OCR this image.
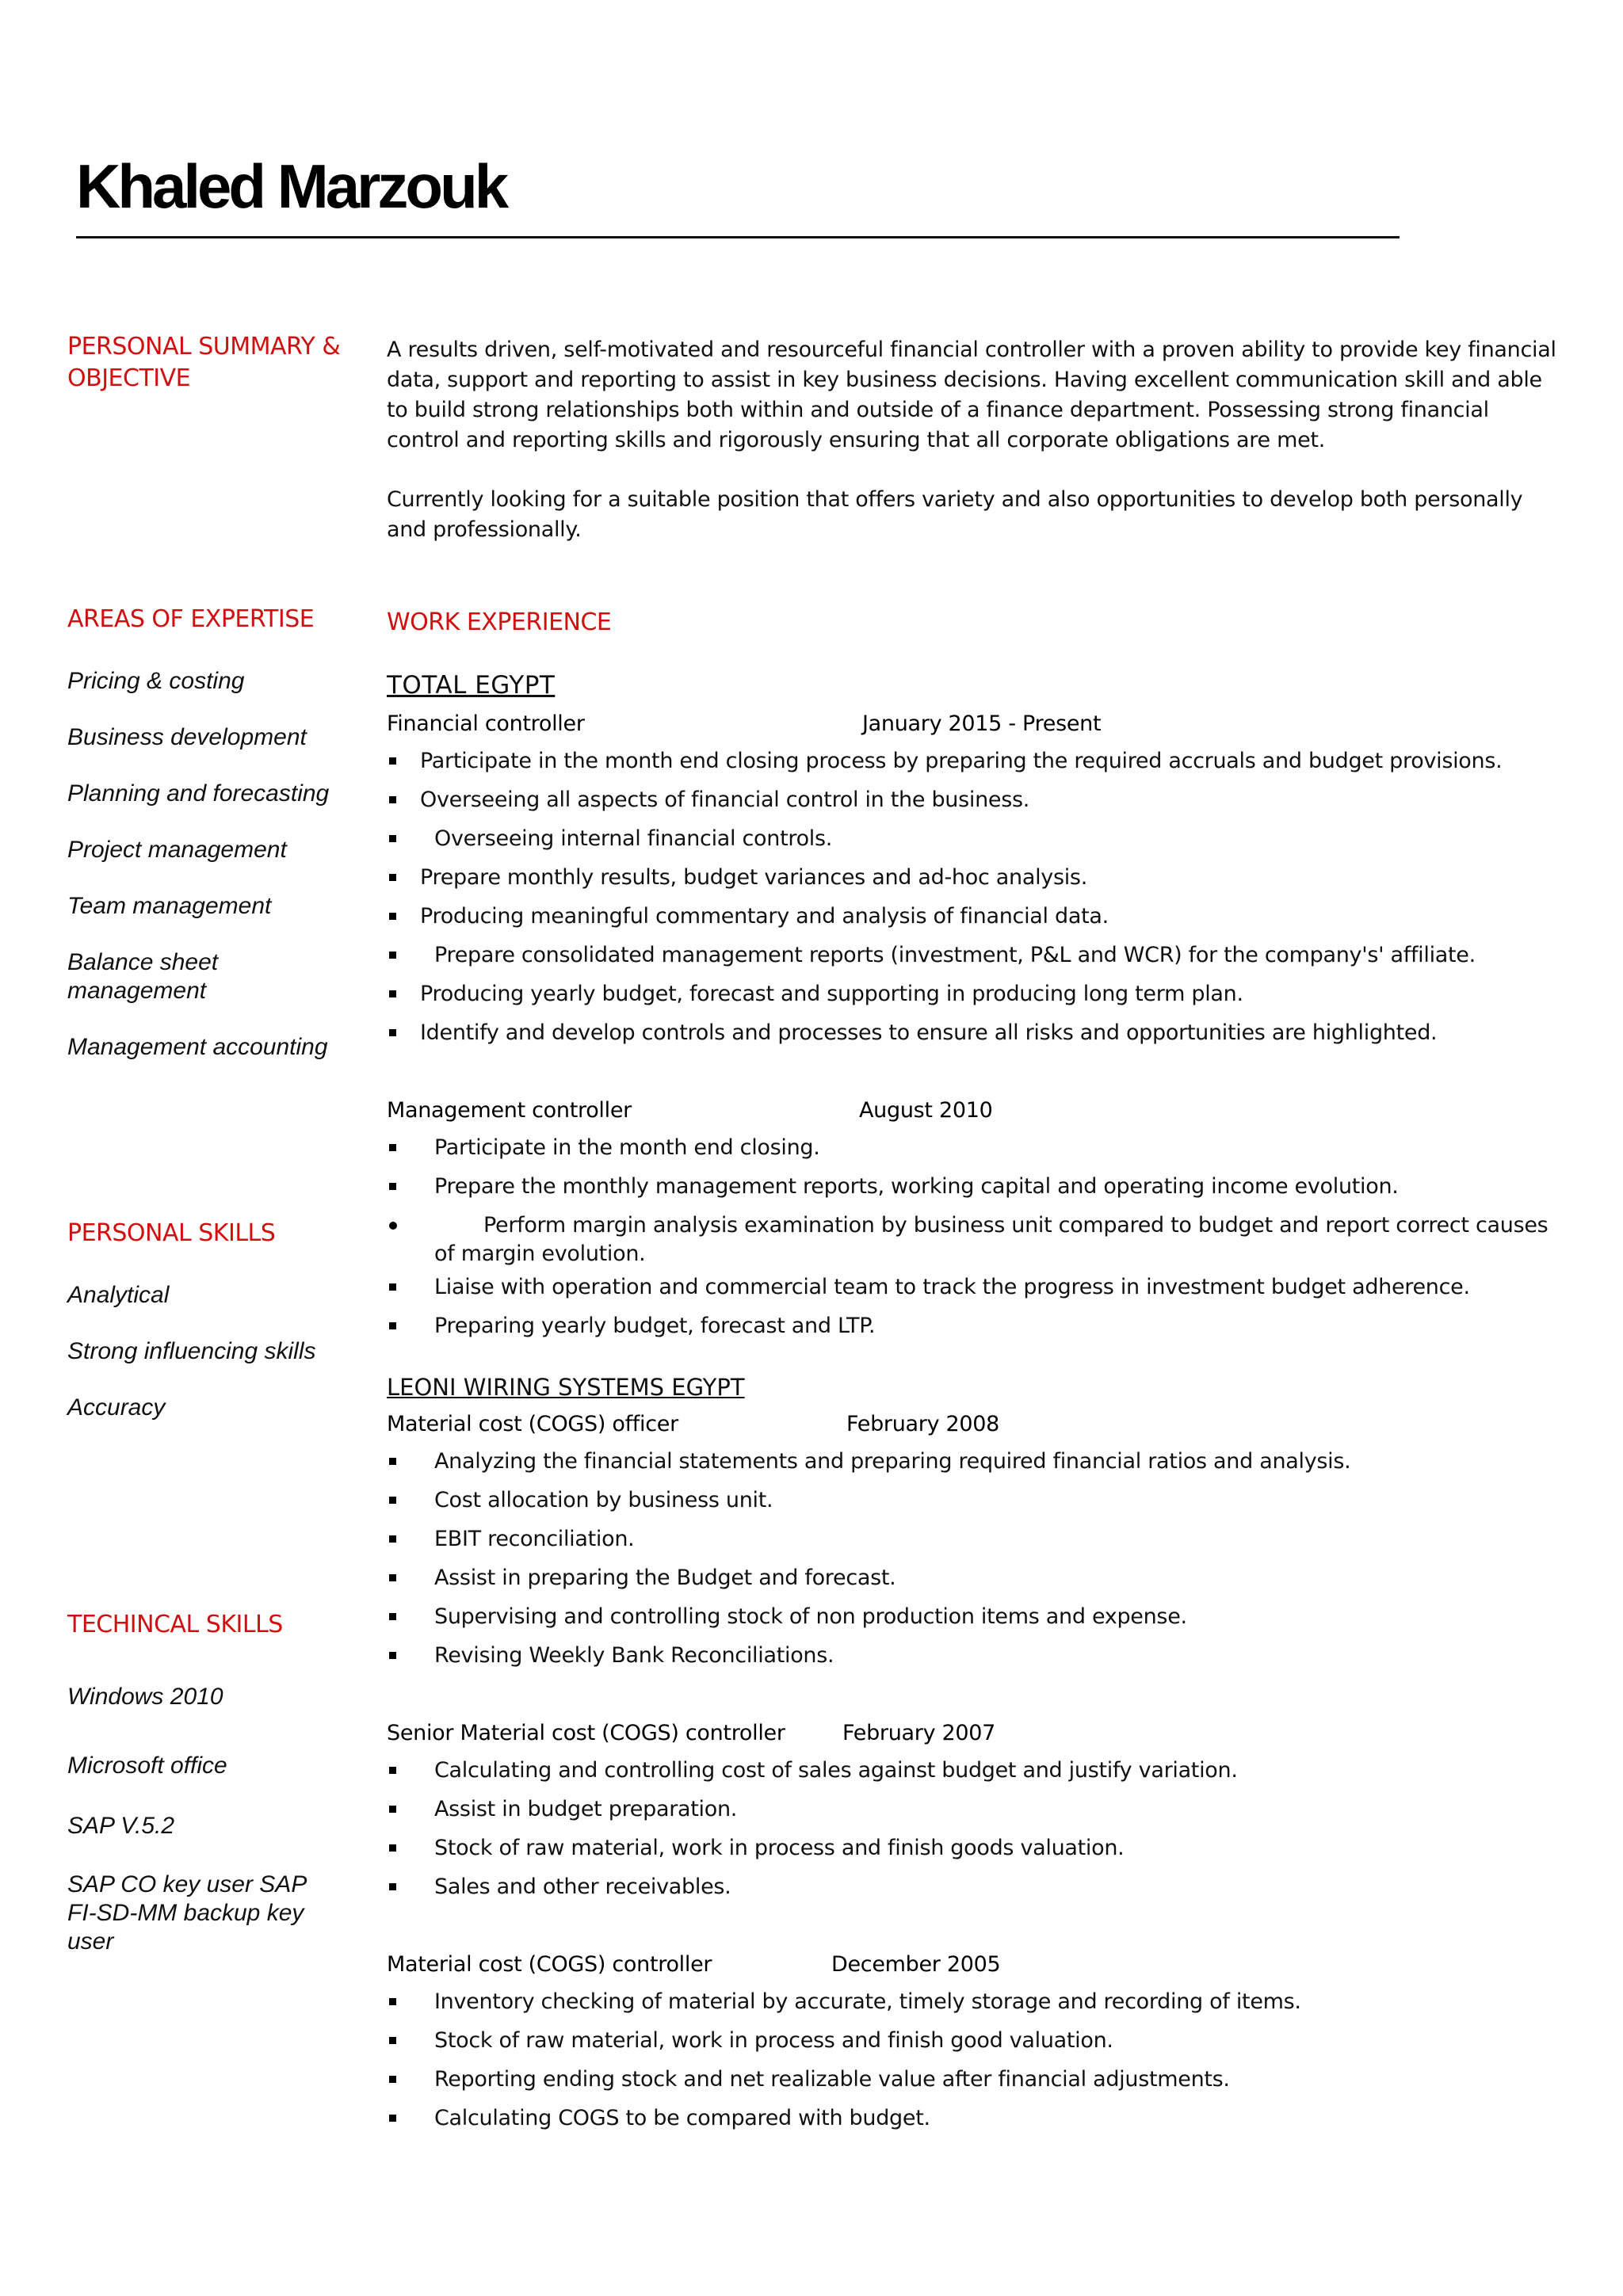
Khaled Marzouk
PERSONAL SUMMARY & OBJECTIVE
AREAS OF EXPERTISE

Pricing & costing

Business development

Planning and forecasting

Project management

Team management

Balance sheet management

Management accounting

PERSONAL SKILLS

Analytical

Strong influencing skills

Accuracy

TECHINCAL SKILLS

Windows 2010

Microsoft office

SAP V.5.2

SAP CO key user SAP FI-SD-MM backup key user

A results driven, self-motivated and resourceful financial controller with a proven ability to provide key financial data, support and reporting to assist in key business decisions. Having excellent communication skill and able to build strong relationships both within and outside of a finance department. Possessing strong financial control and reporting skills and rigorously ensuring that all corporate obligations are met.

Currently looking for a suitable position that offers variety and also opportunities to develop both personally and professionally.

WORK EXPERIENCE

TOTAL EGYPT

Financial controller	January 2015 - Present

Participate in the month end closing process by preparing the required accruals and budget provisions.
Overseeing all aspects of financial control in the business.
Overseeing internal financial controls.
Prepare monthly results, budget variances and ad-hoc analysis.
Producing meaningful commentary and analysis of financial data.
Prepare consolidated management reports (investment, P&L and WCR) for the company's' affiliate.
Producing yearly budget, forecast and supporting in producing long term plan.
Identify and develop controls and processes to ensure all risks and opportunities are highlighted.

Management controller	August 2010

Participate in the month end closing.
Prepare the monthly management reports, working capital and operating income evolution.
Perform margin analysis examination by business unit compared to budget and report correct causes of margin evolution.
Liaise with operation and commercial team to track the progress in investment budget adherence.
Preparing yearly budget, forecast and LTP.

LEONI WIRING SYSTEMS EGYPT

Material cost (COGS) officer	February 2008

Analyzing the financial statements and preparing required financial ratios and analysis.
Cost allocation by business unit.
EBIT reconciliation.
Assist in preparing the Budget and forecast.
Supervising and controlling stock of non production items and expense.
Revising Weekly Bank Reconciliations.

Senior Material cost (COGS) controller	February 2007

Calculating and controlling cost of sales against budget and justify variation.
Assist in budget preparation.
Stock of raw material, work in process and finish goods valuation.
Sales and other receivables.

Material cost (COGS) controller	December 2005

Inventory checking of material by accurate, timely storage and recording of items.
Stock of raw material, work in process and finish good valuation.
Reporting ending stock and net realizable value after financial adjustments.
Calculating COGS to be compared with budget.
